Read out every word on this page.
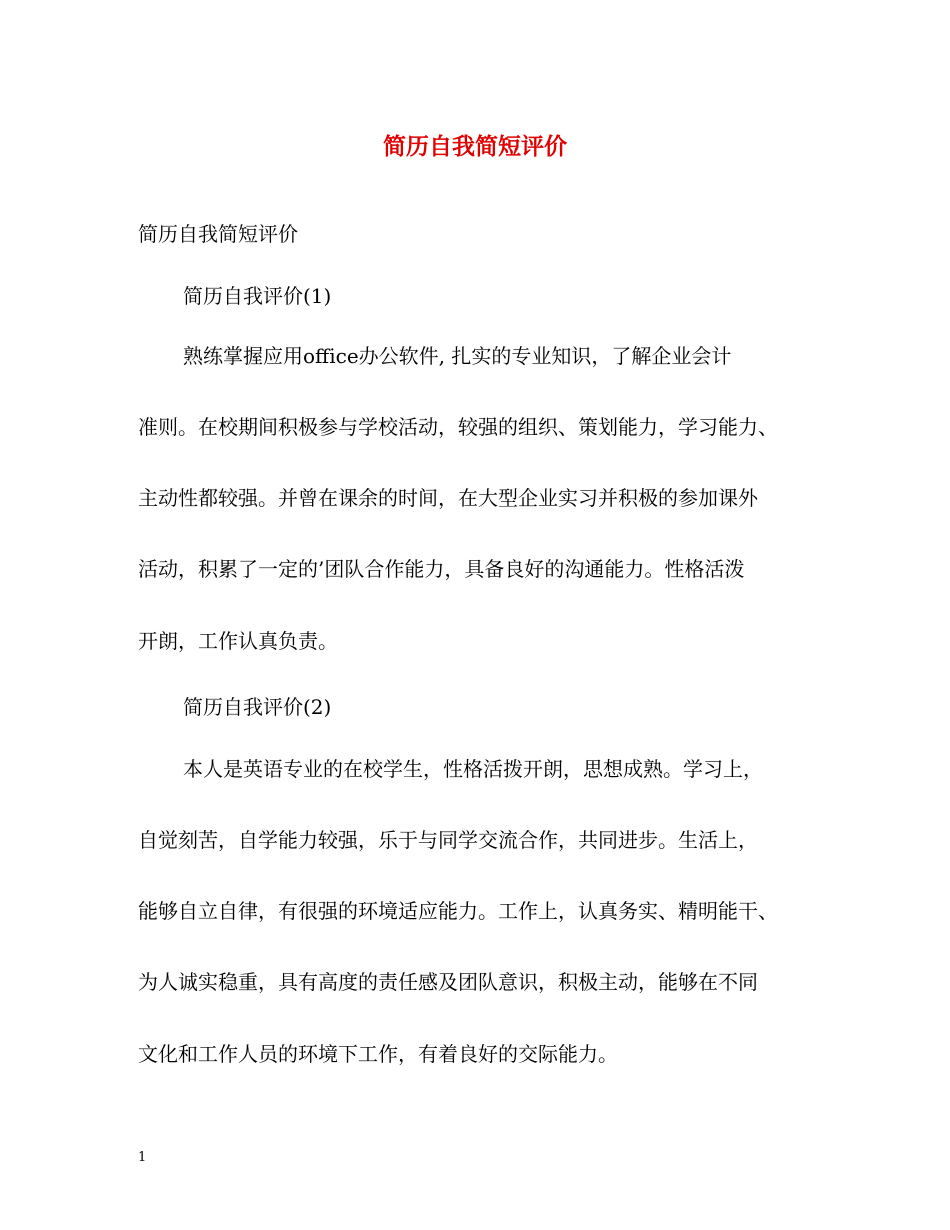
简历自我简短评价

简历自我简短评价

简历自我评价(1)

熟练掌握应用office办公软件, 扎实的专业知识，了解企业会计

准则。在校期间积极参与学校活动，较强的组织、策划能力，学习能力、

主动性都较强。并曾在课余的时间，在大型企业实习并积极的参加课外

活动，积累了一定的’团队合作能力，具备良好的沟通能力。性格活泼

开朗，工作认真负责。

简历自我评价(2)

本人是英语专业的在校学生，性格活拨开朗，思想成熟。学习上，

自觉刻苦，自学能力较强，乐于与同学交流合作，共同进步。生活上，

能够自立自律，有很强的环境适应能力。工作上，认真务实、精明能干、

为人诚实稳重，具有高度的责任感及团队意识，积极主动，能够在不同

文化和工作人员的环境下工作，有着良好的交际能力。

1
